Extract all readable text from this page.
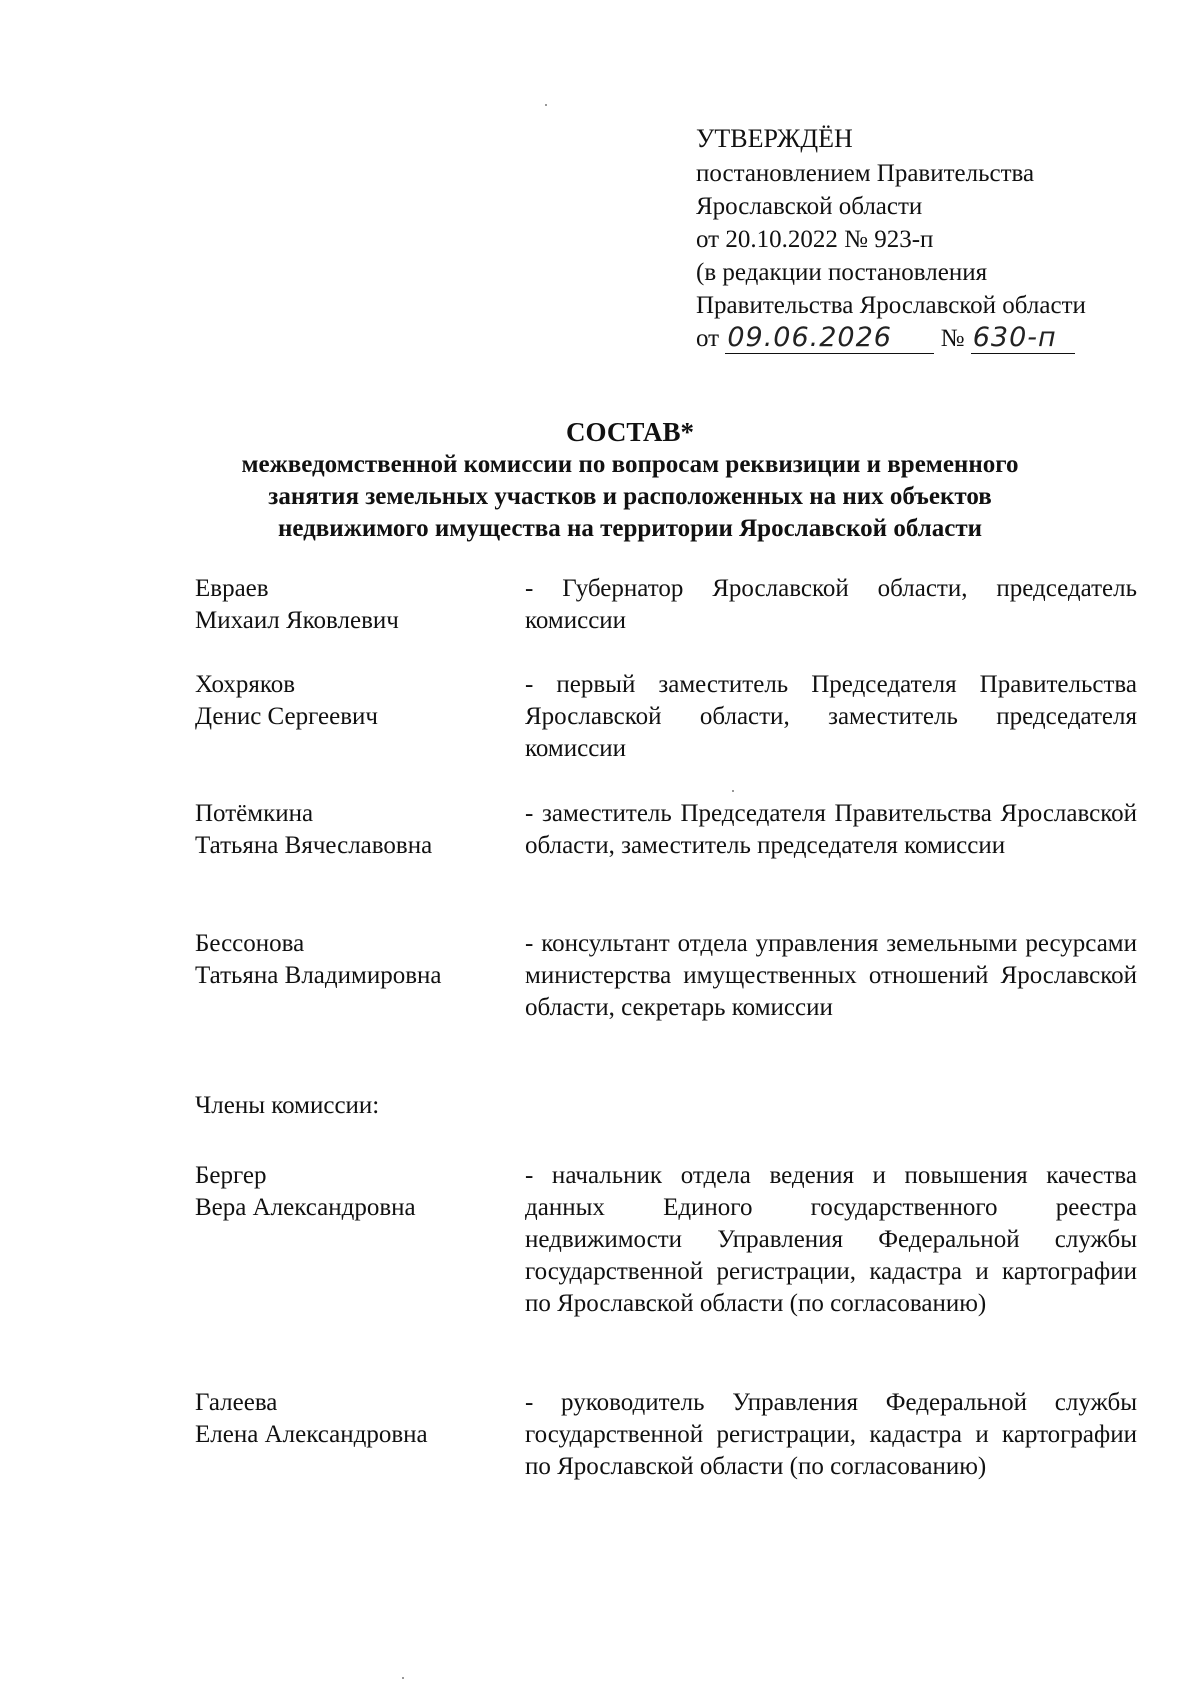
УТВЕРЖДЁН
постановлением Правительства
Ярославской области
от 20.10.2022 № 923-п
(в редакции постановления
Правительства Ярославской области
от 09.06.2026 № 630-п
СОСТАВ*
межведомственной комиссии по вопросам реквизиции и временного
занятия земельных участков и расположенных на них объектов
недвижимого имущества на территории Ярославской области
Евраев
Михаил Яковлевич
- Губернатор Ярославской области, председатель комиссии
Хохряков
Денис Сергеевич
- первый заместитель Председателя Правительства Ярославской области, заместитель председателя комиссии
Потёмкина
Татьяна Вячеславовна
- заместитель Председателя Правительства Ярославской области, заместитель председателя комиссии
Бессонова
Татьяна Владимировна
- консультант отдела управления земельными ресурсами министерства имущественных отношений Ярославской области, секретарь комиссии
Члены комиссии:
Бергер
Вера Александровна
- начальник отдела ведения и повышения качества данных Единого государственного реестра недвижимости Управления Федеральной службы государственной регистрации, кадастра и картографии по Ярославской области (по согласованию)
Галеева
Елена Александровна
- руководитель Управления Федеральной службы государственной регистрации, кадастра и картографии по Ярославской области (по согласованию)
